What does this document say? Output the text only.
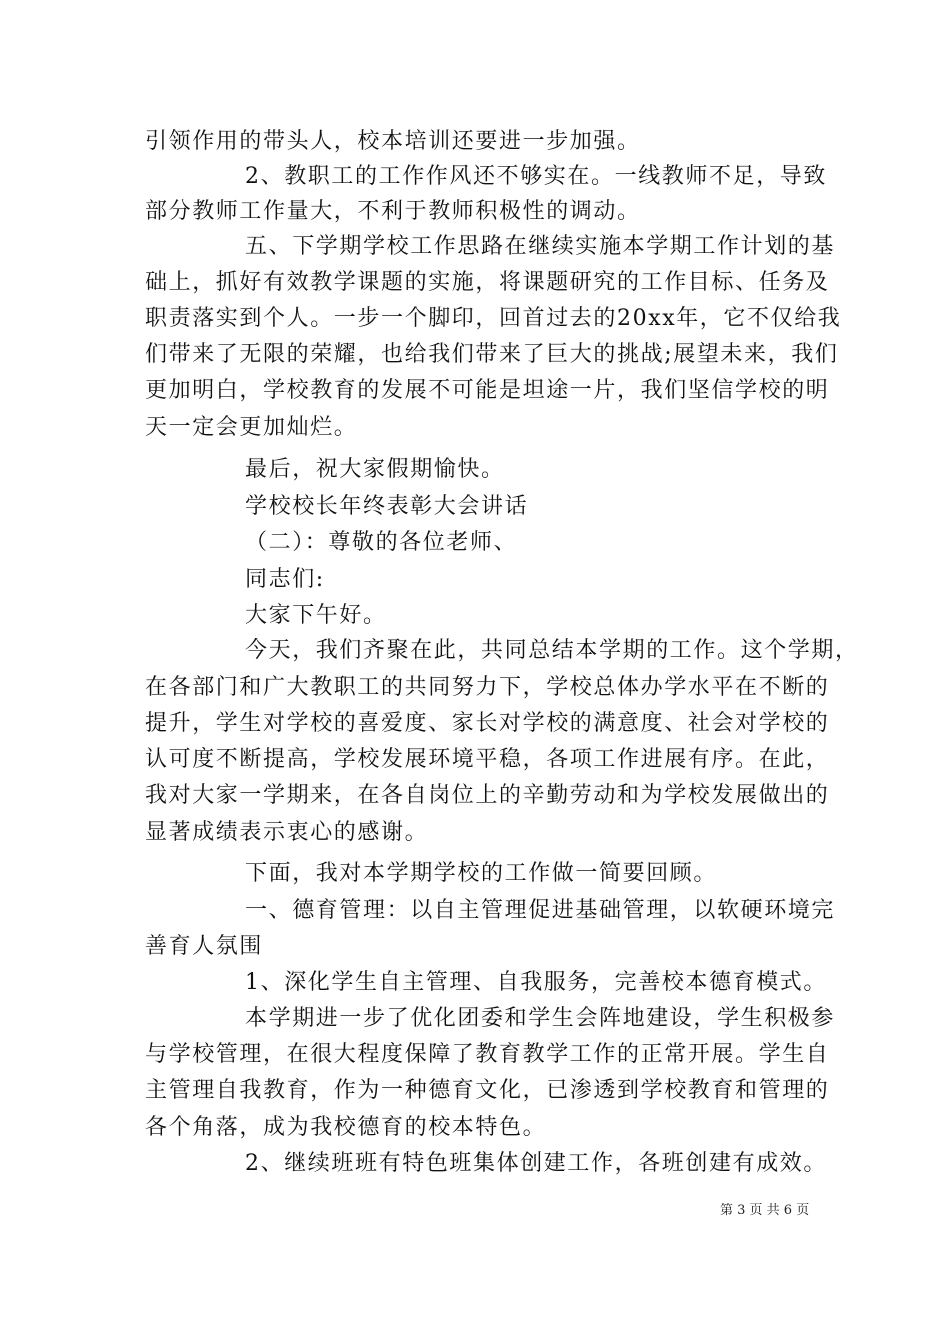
引领作用的带头人，校本培训还要进一步加强。
2、教职工的工作作风还不够实在。一线教师不足，导致
部分教师工作量大，不利于教师积极性的调动。
五、下学期学校工作思路在继续实施本学期工作计划的基
础上，抓好有效教学课题的实施，将课题研究的工作目标、任务及
职责落实到个人。一步一个脚印，回首过去的20xx年，它不仅给我
们带来了无限的荣耀，也给我们带来了巨大的挑战;展望未来，我们
更加明白，学校教育的发展不可能是坦途一片，我们坚信学校的明
天一定会更加灿烂。
最后，祝大家假期愉快。
学校校长年终表彰大会讲话
（二）：尊敬的各位老师、
同志们:
大家下午好。
今天，我们齐聚在此，共同总结本学期的工作。这个学期，
在各部门和广大教职工的共同努力下，学校总体办学水平在不断的
提升，学生对学校的喜爱度、家长对学校的满意度、社会对学校的
认可度不断提高，学校发展环境平稳，各项工作进展有序。在此，
我对大家一学期来，在各自岗位上的辛勤劳动和为学校发展做出的
显著成绩表示衷心的感谢。
下面，我对本学期学校的工作做一简要回顾。
一、德育管理：以自主管理促进基础管理，以软硬环境完
善育人氛围
1、深化学生自主管理、自我服务，完善校本德育模式。
本学期进一步了优化团委和学生会阵地建设，学生积极参
与学校管理，在很大程度保障了教育教学工作的正常开展。学生自
主管理自我教育，作为一种德育文化，已渗透到学校教育和管理的
各个角落，成为我校德育的校本特色。
2、继续班班有特色班集体创建工作，各班创建有成效。
第 3 页 共 6 页
